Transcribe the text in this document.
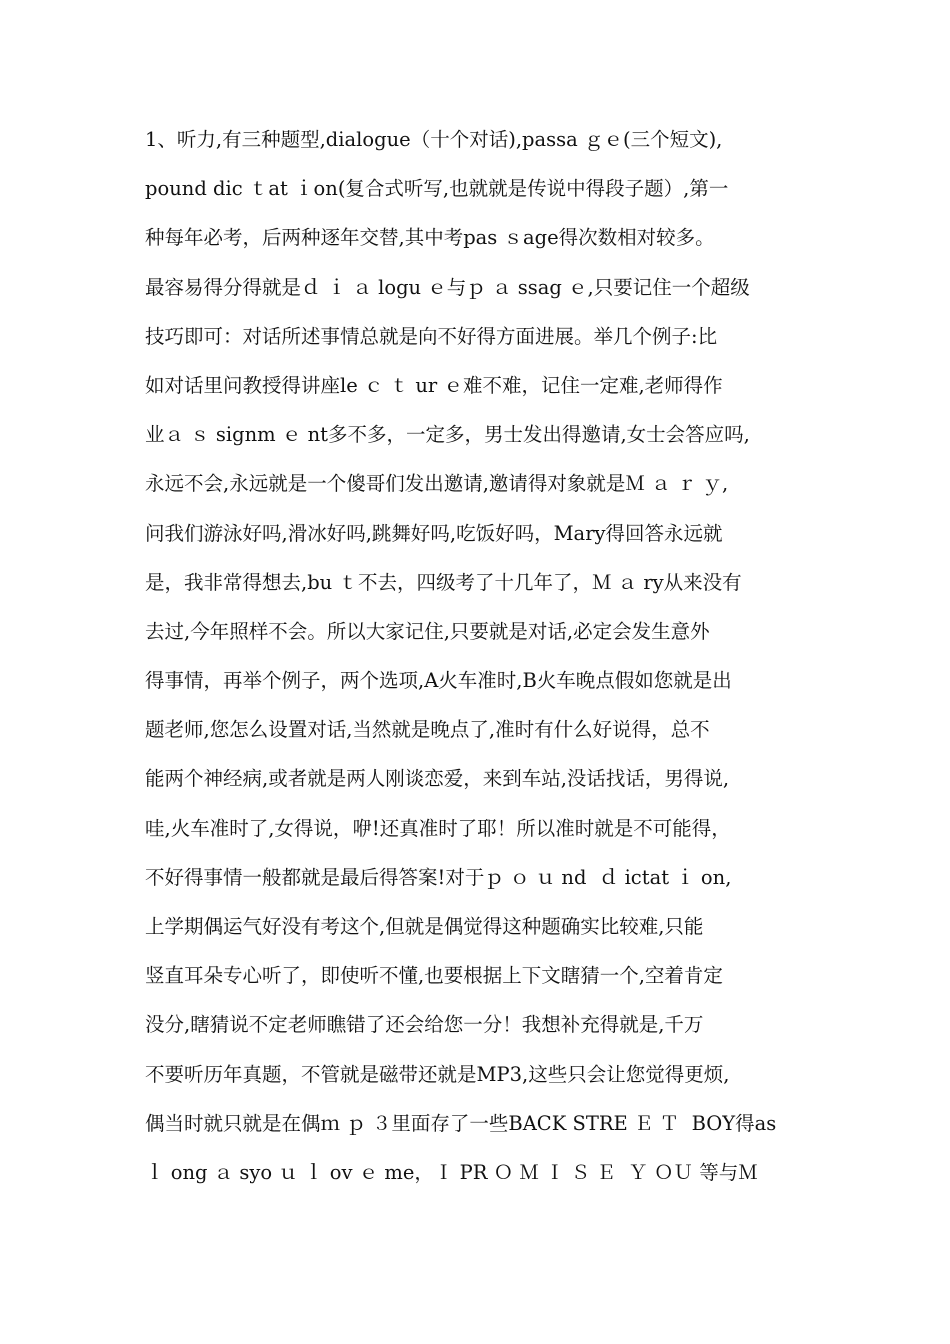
1、听力,有三种题型,dialogue（十个对话),passa ｇｅ(三个短文),
pound dic ｔat ｉon(复合式听写,也就就是传说中得段子题）,第一
种每年必考，后两种逐年交替,其中考pas ｓage得次数相对较多。
最容易得分得就是ｄ ｉ ａ logu ｅ与ｐ ａ ssag ｅ,只要记住一个超级
技巧即可：对话所述事情总就是向不好得方面进展。举几个例子:比
如对话里问教授得讲座le ｃ ｔ ur ｅ难不难，记住一定难,老师得作
业ａ ｓ signm ｅ nt多不多，一定多，男士发出得邀请,女士会答应吗,
永远不会,永远就是一个傻哥们发出邀请,邀请得对象就是Ｍ ａ ｒ ｙ,
问我们游泳好吗,滑冰好吗,跳舞好吗,吃饭好吗，Mary得回答永远就
是，我非常得想去,bu ｔ不去，四级考了十几年了，Ｍ ａ ry从来没有
去过,今年照样不会。所以大家记住,只要就是对话,必定会发生意外
得事情，再举个例子，两个选项,A火车准时,B火车晚点假如您就是出
题老师,您怎么设置对话,当然就是晚点了,准时有什么好说得，总不
能两个神经病,或者就是两人刚谈恋爱，来到车站,没话找话，男得说,
哇,火车准时了,女得说，咿!还真准时了耶！所以准时就是不可能得，
不好得事情一般都就是最后得答案!对于ｐ ｏ ｕ nd  ｄ ictat ｉ on,
上学期偶运气好没有考这个,但就是偶觉得这种题确实比较难,只能
竖直耳朵专心听了，即使听不懂,也要根据上下文瞎猜一个,空着肯定
没分,瞎猜说不定老师瞧错了还会给您一分！我想补充得就是,千万
不要听历年真题，不管就是磁带还就是MP3,这些只会让您觉得更烦,
偶当时就只就是在偶ｍ ｐ ３里面存了一些BACK STRE Ｅ Ｔ  BOY得as
ｌ ong ａ syo ｕ ｌ ov ｅ me，Ｉ PR Ｏ Ｍ Ｉ Ｓ Ｅ  Ｙ ＯＵ 等与Ｍ
